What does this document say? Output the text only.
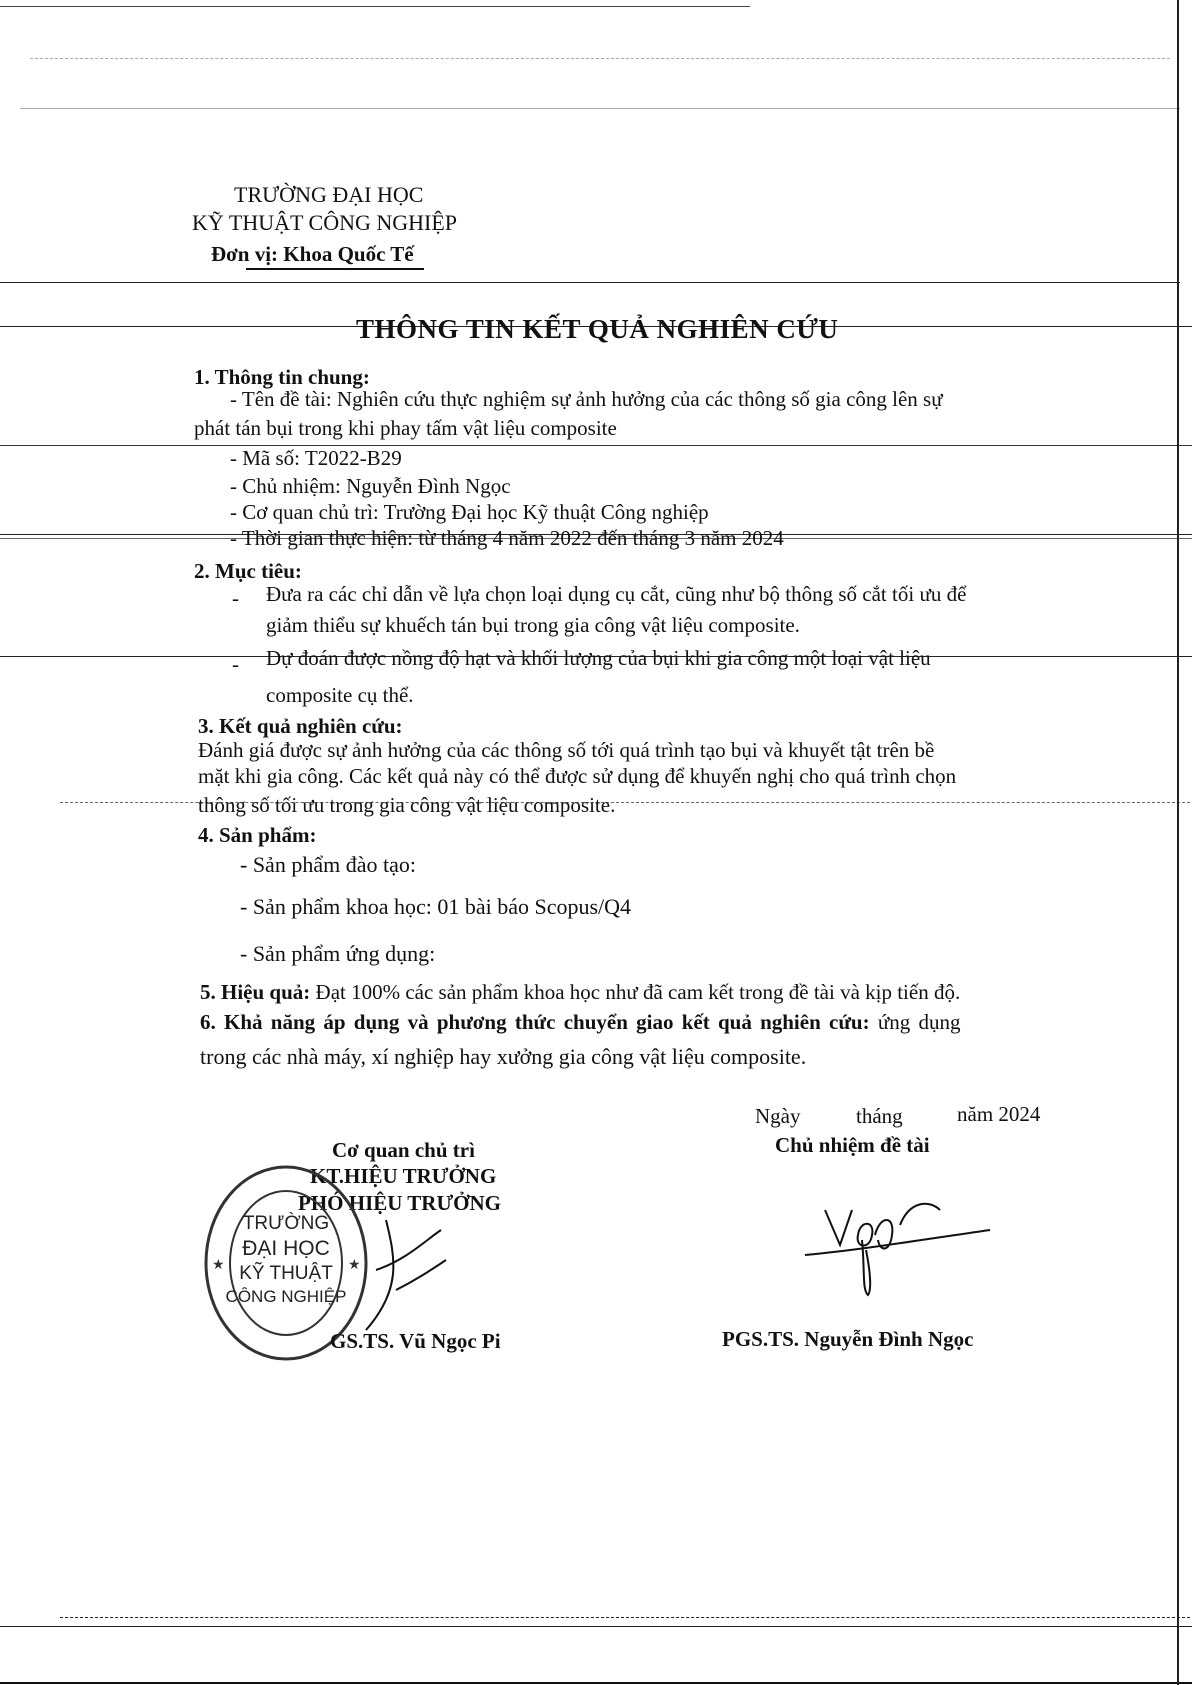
TRƯỜNG ĐẠI HỌC
KỸ THUẬT CÔNG NGHIỆP
Đơn vị: Khoa Quốc Tế
THÔNG TIN KẾT QUẢ NGHIÊN CỨU
1. Thông tin chung:
- Tên đề tài: Nghiên cứu thực nghiệm sự ảnh hưởng của các thông số gia công lên sự
phát tán bụi trong khi phay tấm vật liệu composite
- Mã số: T2022-B29
- Chủ nhiệm: Nguyễn Đình Ngọc
- Cơ quan chủ trì: Trường Đại học Kỹ thuật Công nghiệp
- Thời gian thực hiện: từ tháng 4 năm 2022 đến tháng 3 năm 2024
2. Mục tiêu:
- Đưa ra các chỉ dẫn về lựa chọn loại dụng cụ cắt, cũng như bộ thông số cắt tối ưu để
giảm thiểu sự khuếch tán bụi trong gia công vật liệu composite.
- Dự đoán được nồng độ hạt và khối lượng của bụi khi gia công một loại vật liệu
composite cụ thể.
3. Kết quả nghiên cứu:
Đánh giá được sự ảnh hưởng của các thông số tới quá trình tạo bụi và khuyết tật trên bề
mặt khi gia công. Các kết quả này có thể được sử dụng để khuyến nghị cho quá trình chọn
thông số tối ưu trong gia công vật liệu composite.
4. Sản phẩm:
- Sản phẩm đào tạo:
- Sản phẩm khoa học: 01 bài báo Scopus/Q4
- Sản phẩm ứng dụng:
5. Hiệu quả: Đạt 100% các sản phẩm khoa học như đã cam kết trong đề tài và kịp tiến độ.
6. Khả năng áp dụng và phương thức chuyển giao kết quả nghiên cứu: ứng dụng
trong các nhà máy, xí nghiệp hay xưởng gia công vật liệu composite.
Ngày	tháng	năm 2024
Chủ nhiệm đề tài
Cơ quan chủ trì
KT.HIỆU TRƯỞNG
PHÓ HIỆU TRƯỞNG
★	★
TRƯỜNG
ĐẠI HỌC
KỸ THUẬT
CÔNG NGHIỆP
GS.TS. Vũ Ngọc Pi	PGS.TS. Nguyễn Đình Ngọc
